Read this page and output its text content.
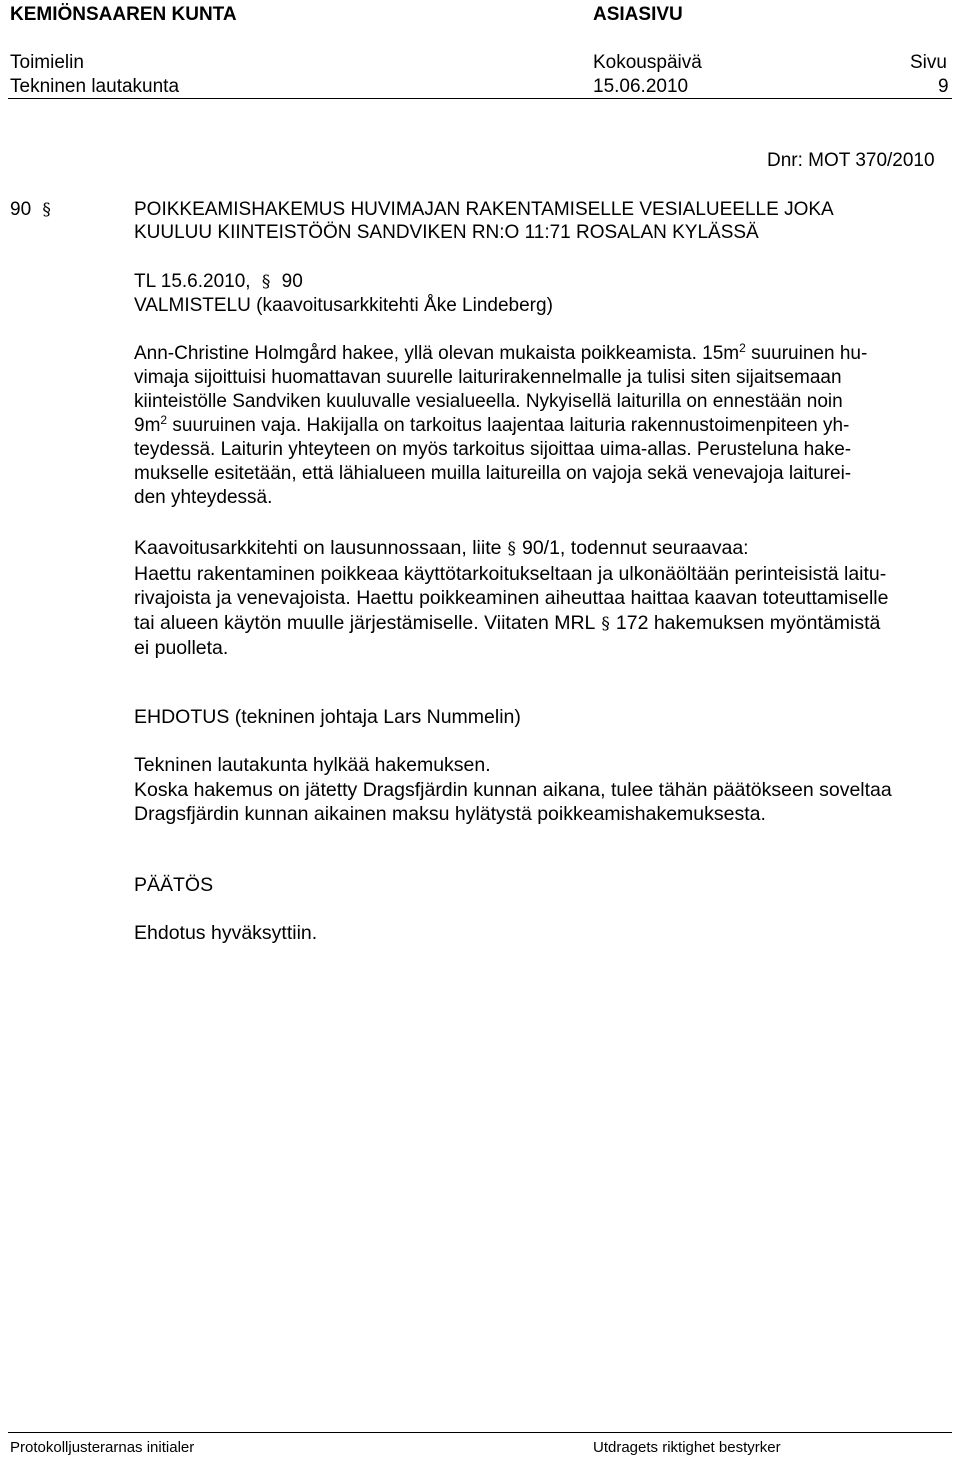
KEMIÖNSAAREN KUNTA	ASIASIVU
Toimielin	Kokouspäivä	Sivu
Tekninen lautakunta	15.06.2010	9
Dnr: MOT 370/2010
90 §	POIKKEAMISHAKEMUS HUVIMAJAN RAKENTAMISELLE VESIALUEELLE JOKA
KUULUU KIINTEISTÖÖN SANDVIKEN RN:O 11:71 ROSALAN KYLÄSSÄ
TL 15.6.2010, § 90
VALMISTELU (kaavoitusarkkitehti Åke Lindeberg)
Ann-Christine Holmgård hakee, yllä olevan mukaista poikkeamista. $15m^2$ suuruinen hu-
vimaja sijoittuisi huomattavan suurelle laiturirakennelmalle ja tulisi siten sijaitsemaan
kiinteistölle Sandviken kuuluvalle vesialueella. Nykyisellä laiturilla on ennestään noin
$9m^2$ suuruinen vaja. Hakijalla on tarkoitus laajentaa laituria rakennustoimenpiteen yh-
teydessä. Laiturin yhteyteen on myös tarkoitus sijoittaa uima-allas. Perusteluna hake-
mukselle esitetään, että lähialueen muilla laitureilla on vajoja sekä venevajoja laiturei-
den yhteydessä.
Kaavoitusarkkitehti on lausunnossaan, liite § 90/1, todennut seuraavaa:
Haettu rakentaminen poikkeaa käyttötarkoitukseltaan ja ulkonäöltään perinteisistä laitu-
rivajoista ja venevajoista. Haettu poikkeaminen aiheuttaa haittaa kaavan toteuttamiselle
tai alueen käytön muulle järjestämiselle. Viitaten MRL § 172 hakemuksen myöntämistä
ei puolleta.
EHDOTUS (tekninen johtaja Lars Nummelin)
Tekninen lautakunta hylkää hakemuksen.
Koska hakemus on jätetty Dragsfjärdin kunnan aikana, tulee tähän päätökseen soveltaa
Dragsfjärdin kunnan aikainen maksu hylätystä poikkeamishakemuksesta.
PÄÄTÖS
Ehdotus hyväksyttiin.
Protokolljusterarnas initialer	Utdragets riktighet bestyrker
